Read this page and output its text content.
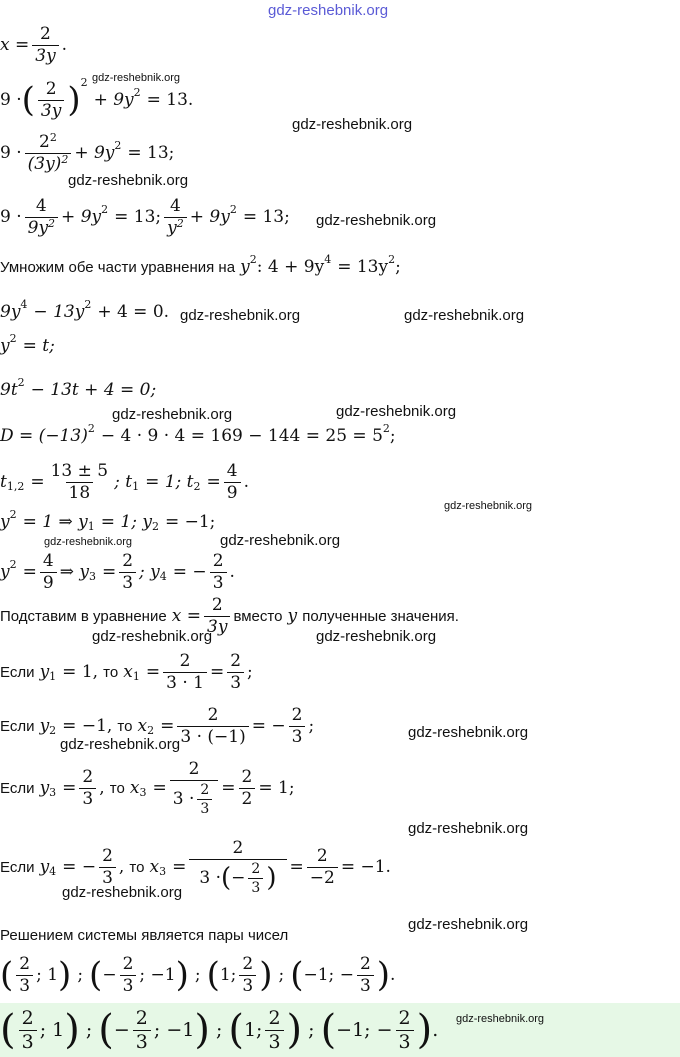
gdz-reshebnik.org
x
= $\frac{2}{3y}$ .
9 · ( $\frac{2}{3y}$ ) 2
+ 9y 2 = 13.
gdz-reshebnik.org
gdz-reshebnik.org
$9 \cdot \frac{2^2}{(3y)^2} + 9y$ 2 = 13;
gdz-reshebnik.org
$9 \cdot \frac{4}{9y^2} + 9y$ 2 = 13; $\frac{4}{y^2} + 9y$ 2 = 13; gdz-reshebnik.org
Умножим обе части уравнения на
y 2 : 4 + 9y 4 = 13y 2 ;
9y 4 − 13y 2 + 4 = 0. gdz-reshebnik.org	gdz-reshebnik.org
y 2 = t;
9t 2 − 13t + 4 = 0;
gdz-reshebnik.org	gdz-reshebnik.org
D = (−13) 2 − 4 · 9 · 4 = 169 − 144 = 25 = 5 2 ;
t $1,2 = \frac{13 \pm 5}{18}$ ; t 1 = 1; t $2 = \frac{4}{9}$ .
gdz-reshebnik.org
y 2 = 1 ⇒ y 1 = 1; y 2 = −1;
gdz-reshebnik.org	gdz-reshebnik.org
y $2 = \frac{4}{9}$ ⇒ y $3 = \frac{2}{3}$ ; y 4 = − $\frac{2}{3}$ .
Подставим в уравнение
$x = \frac{2}{3y}$ вместо
y
полученные значения.
gdz-reshebnik.org	gdz-reshebnik.org
Если
y 1 = 1,
то
x $1 = \frac{2}{3 \cdot 1} = \frac{2}{3}$ ;
Если
y 2 = −1,
то
x $2 = \frac{2}{3 \cdot (-1)}$ = − $\frac{2}{3}$ ;
gdz-reshebnik.org
gdz-reshebnik.org
Если
y $3 = \frac{2}{3}$ ,
то
x $3 = \frac{2}{3 \cdot \frac{2}{3}} = \frac{2}{2} = 1$;
gdz-reshebnik.org
Если
y 4 = − $\frac{2}{3}$ ,
то
x $3 = \frac{2}{3 \cdot ( - \frac{2}{3} )} = \frac{2}{-2} = -1$.
gdz-reshebnik.org
gdz-reshebnik.org
Решением системы является пары чисел
( $\frac{2}{3}$ ; 1 ) ; ( − $\frac{2}{3}$ ; −1 ) ; ( 1; $\frac{2}{3}$ ) ; ( −1; − $\frac{2}{3}$ ) .
( $\frac{2}{3}$ ; 1 ) ; ( − $\frac{2}{3}$ ; −1 ) ; ( 1; $\frac{2}{3}$ ) ; ( −1; − $\frac{2}{3}$ ) . gdz-reshebnik.org
